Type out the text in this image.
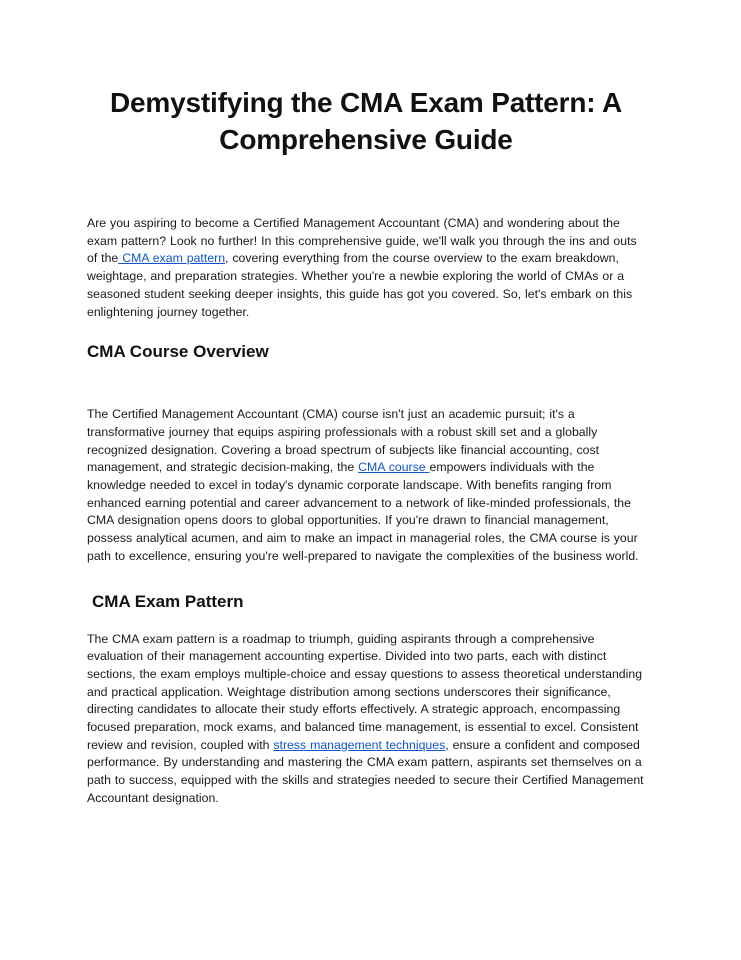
Demystifying the CMA Exam Pattern: A Comprehensive Guide

Are you aspiring to become a Certified Management Accountant (CMA) and wondering about the exam pattern? Look no further! In this comprehensive guide, we'll walk you through the ins and outs of the CMA exam pattern, covering everything from the course overview to the exam breakdown, weightage, and preparation strategies. Whether you're a newbie exploring the world of CMAs or a seasoned student seeking deeper insights, this guide has got you covered. So, let's embark on this enlightening journey together.

CMA Course Overview

The Certified Management Accountant (CMA) course isn't just an academic pursuit; it's a transformative journey that equips aspiring professionals with a robust skill set and a globally recognized designation. Covering a broad spectrum of subjects like financial accounting, cost management, and strategic decision-making, the CMA course empowers individuals with the knowledge needed to excel in today's dynamic corporate landscape. With benefits ranging from enhanced earning potential and career advancement to a network of like-minded professionals, the CMA designation opens doors to global opportunities. If you're drawn to financial management, possess analytical acumen, and aim to make an impact in managerial roles, the CMA course is your path to excellence, ensuring you're well-prepared to navigate the complexities of the business world.

CMA Exam Pattern

The CMA exam pattern is a roadmap to triumph, guiding aspirants through a comprehensive evaluation of their management accounting expertise. Divided into two parts, each with distinct sections, the exam employs multiple-choice and essay questions to assess theoretical understanding and practical application. Weightage distribution among sections underscores their significance, directing candidates to allocate their study efforts effectively. A strategic approach, encompassing focused preparation, mock exams, and balanced time management, is essential to excel. Consistent review and revision, coupled with stress management techniques, ensure a confident and composed performance. By understanding and mastering the CMA exam pattern, aspirants set themselves on a path to success, equipped with the skills and strategies needed to secure their Certified Management Accountant designation.
